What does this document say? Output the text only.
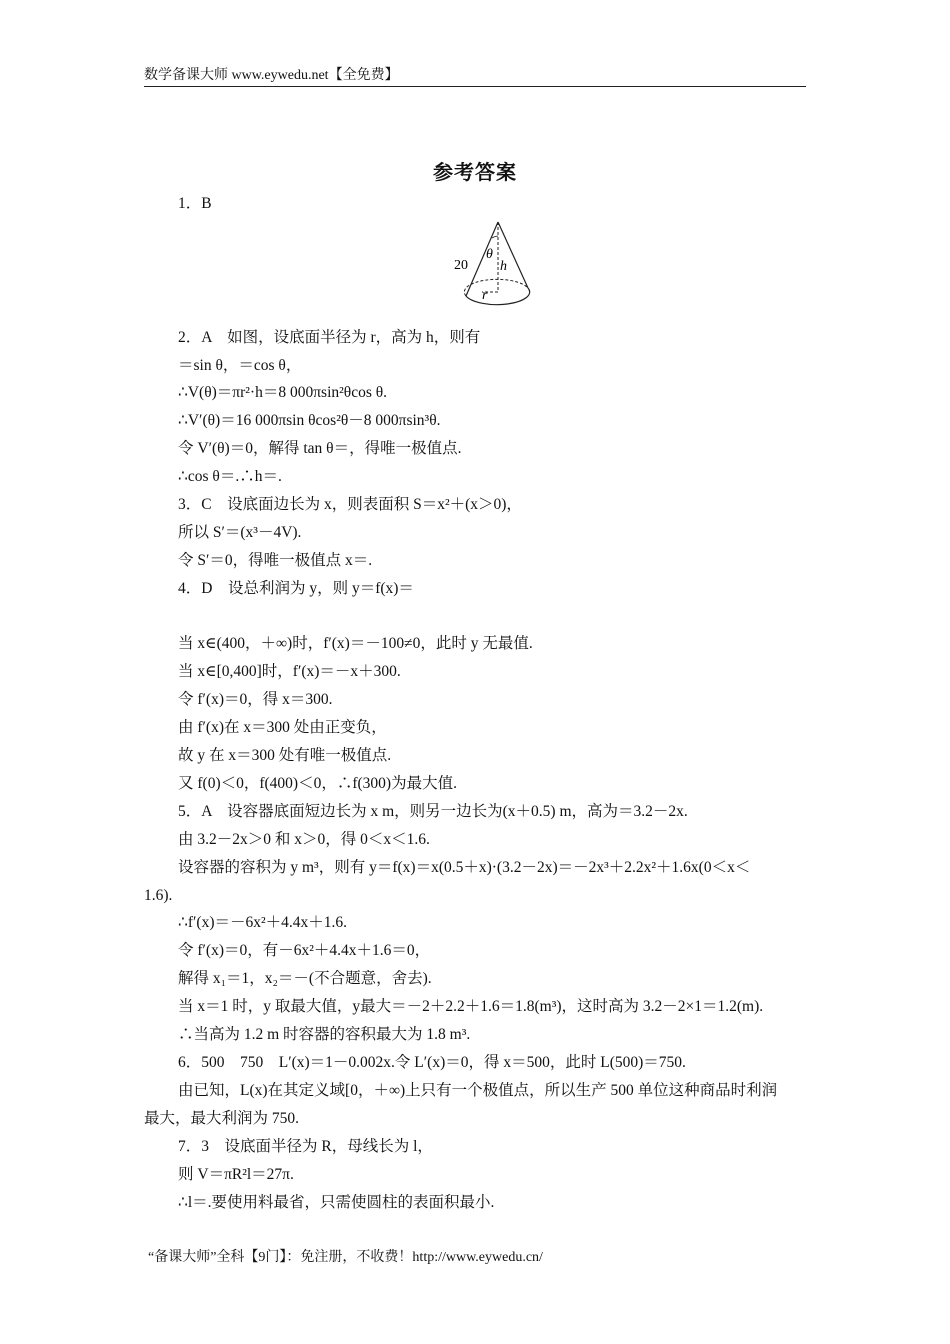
数学备课大师 www.eywedu.net【全免费】
参考答案
1．B
20
θ
h
r
2．A　如图，设底面半径为 r，高为 h，则有
＝sin θ，＝cos θ，
∴V(θ)＝πr²·h＝8 000πsin²θcos θ.
∴V′(θ)＝16 000πsin θcos²θ－8 000πsin³θ.
令 V′(θ)＝0，解得 tan θ＝，得唯一极值点.
∴cos θ＝.∴h＝.
3．C　设底面边长为 x，则表面积 S＝x²＋(x＞0)，
所以 S′＝(x³－4V).
令 S′＝0，得唯一极值点 x＝.
4．D　设总利润为 y，则 y＝f(x)＝
当 x∈(400，＋∞)时，f′(x)＝－100≠0，此时 y 无最值.
当 x∈[0,400]时，f′(x)＝－x＋300.
令 f′(x)＝0，得 x＝300.
由 f′(x)在 x＝300 处由正变负，
故 y 在 x＝300 处有唯一极值点.
又 f(0)＜0，f(400)＜0，∴f(300)为最大值.
5．A　设容器底面短边长为 x m，则另一边长为(x＋0.5) m，高为＝3.2－2x.
由 3.2－2x＞0 和 x＞0，得 0＜x＜1.6.
设容器的容积为 y m³，则有 y＝f(x)＝x(0.5＋x)·(3.2－2x)＝－2x³＋2.2x²＋1.6x(0＜x＜
1.6).
∴f′(x)＝－6x²＋4.4x＋1.6.
令 f′(x)＝0，有－6x²＋4.4x＋1.6＝0，
解得 x₁＝1，x₂＝－(不合题意，舍去).
当 x＝1 时，y 取最大值，y最大＝－2＋2.2＋1.6＝1.8(m³)，这时高为 3.2－2×1＝1.2(m).
∴当高为 1.2 m 时容器的容积最大为 1.8 m³.
6．500　750　L′(x)＝1－0.002x.令 L′(x)＝0，得 x＝500，此时 L(500)＝750.
由已知，L(x)在其定义域[0，＋∞)上只有一个极值点，所以生产 500 单位这种商品时利润
最大，最大利润为 750.
7．3　设底面半径为 R，母线长为 l，
则 V＝πR²l＝27π.
∴l＝.要使用料最省，只需使圆柱的表面积最小.
“备课大师”全科【9门】：免注册，不收费！http://www.eywedu.cn/
